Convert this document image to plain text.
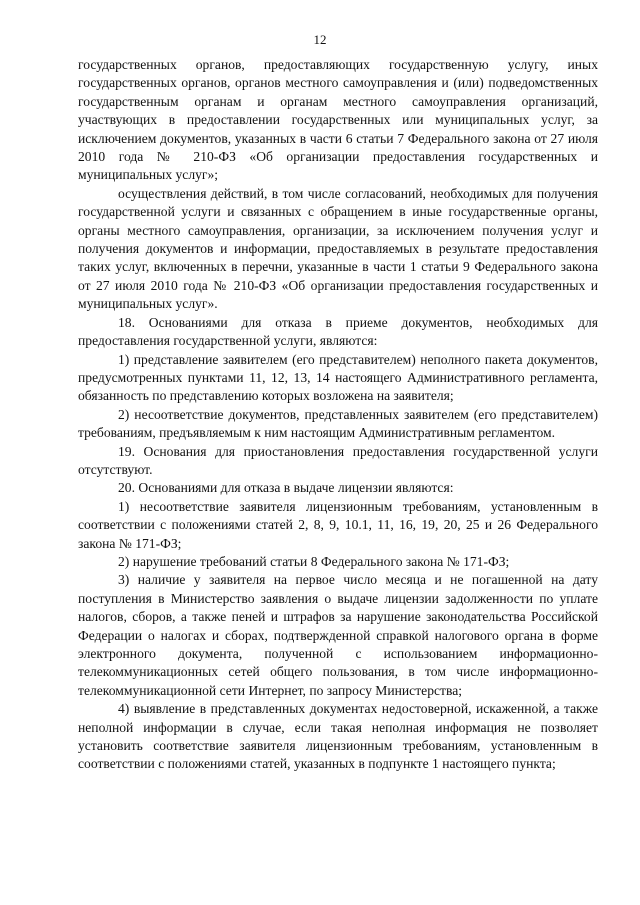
12

государственных органов, предоставляющих государственную услугу, иных государственных органов, органов местного самоуправления и (или) подведомственных государственным органам и органам местного самоуправления организаций, участвующих в предоставлении государственных или муниципальных услуг, за исключением документов, указанных в части 6 статьи 7 Федерального закона от 27 июля 2010 года № 210-ФЗ «Об организации предоставления государственных и муниципальных услуг»;

осуществления действий, в том числе согласований, необходимых для получения государственной услуги и связанных с обращением в иные государственные органы, органы местного самоуправления, организации, за исключением получения услуг и получения документов и информации, предоставляемых в результате предоставления таких услуг, включенных в перечни, указанные в части 1 статьи 9 Федерального закона от 27 июля 2010 года № 210-ФЗ «Об организации предоставления государственных и муниципальных услуг».

18. Основаниями для отказа в приеме документов, необходимых для предоставления государственной услуги, являются:

1) представление заявителем (его представителем) неполного пакета документов, предусмотренных пунктами 11, 12, 13, 14 настоящего Административного регламента, обязанность по представлению которых возложена на заявителя;

2) несоответствие документов, представленных заявителем (его представителем) требованиям, предъявляемым к ним настоящим Административным регламентом.

19. Основания для приостановления предоставления государственной услуги отсутствуют.

20. Основаниями для отказа в выдаче лицензии являются:

1) несоответствие заявителя лицензионным требованиям, установленным в соответствии с положениями статей 2, 8, 9, 10.1, 11, 16, 19, 20, 25 и 26 Федерального закона № 171-ФЗ;

2) нарушение требований статьи 8 Федерального закона № 171-ФЗ;

3) наличие у заявителя на первое число месяца и не погашенной на дату поступления в Министерство заявления о выдаче лицензии задолженности по уплате налогов, сборов, а также пеней и штрафов за нарушение законодательства Российской Федерации о налогах и сборах, подтвержденной справкой налогового органа в форме электронного документа, полученной с использованием информационно-телекоммуникационных сетей общего пользования, в том числе информационно-телекоммуникационной сети Интернет, по запросу Министерства;

4) выявление в представленных документах недостоверной, искаженной, а также неполной информации в случае, если такая неполная информация не позволяет установить соответствие заявителя лицензионным требованиям, установленным в соответствии с положениями статей, указанных в подпункте 1 настоящего пункта;
